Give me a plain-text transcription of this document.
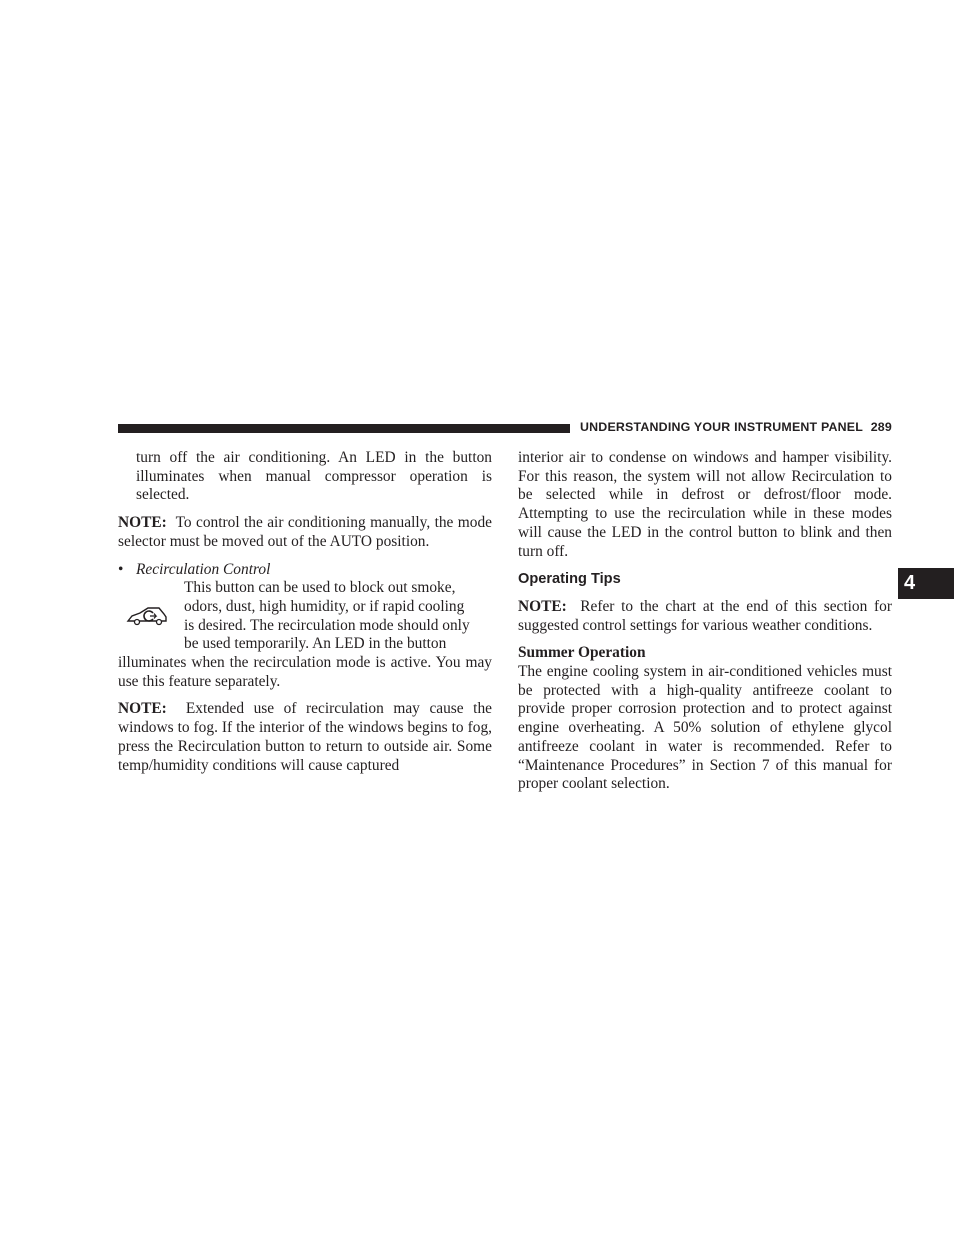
UNDERSTANDING YOUR INSTRUMENT PANEL 289
4

turn off the air conditioning. An LED in the button illuminates when manual compressor operation is selected.

NOTE: To control the air conditioning manually, the mode selector must be moved out of the AUTO position.

• Recirculation Control

This button can be used to block out smoke,

odors, dust, high humidity, or if rapid cooling

is desired. The recirculation mode should only

be used temporarily. An LED in the button

illuminates when the recirculation mode is active. You may use this feature separately.

NOTE: Extended use of recirculation may cause the windows to fog. If the interior of the windows begins to fog, press the Recirculation button to return to outside air. Some temp/humidity conditions will cause captured

interior air to condense on windows and hamper visibility. For this reason, the system will not allow Recirculation to be selected while in defrost or defrost/floor mode. Attempting to use the recirculation while in these modes will cause the LED in the control button to blink and then turn off.

Operating Tips

NOTE: Refer to the chart at the end of this section for suggested control settings for various weather conditions.

Summer Operation

The engine cooling system in air-conditioned vehicles must be protected with a high-quality antifreeze coolant to provide proper corrosion protection and to protect against engine overheating. A 50% solution of ethylene glycol antifreeze coolant in water is recommended. Refer to “Maintenance Procedures” in Section 7 of this manual for proper coolant selection.
